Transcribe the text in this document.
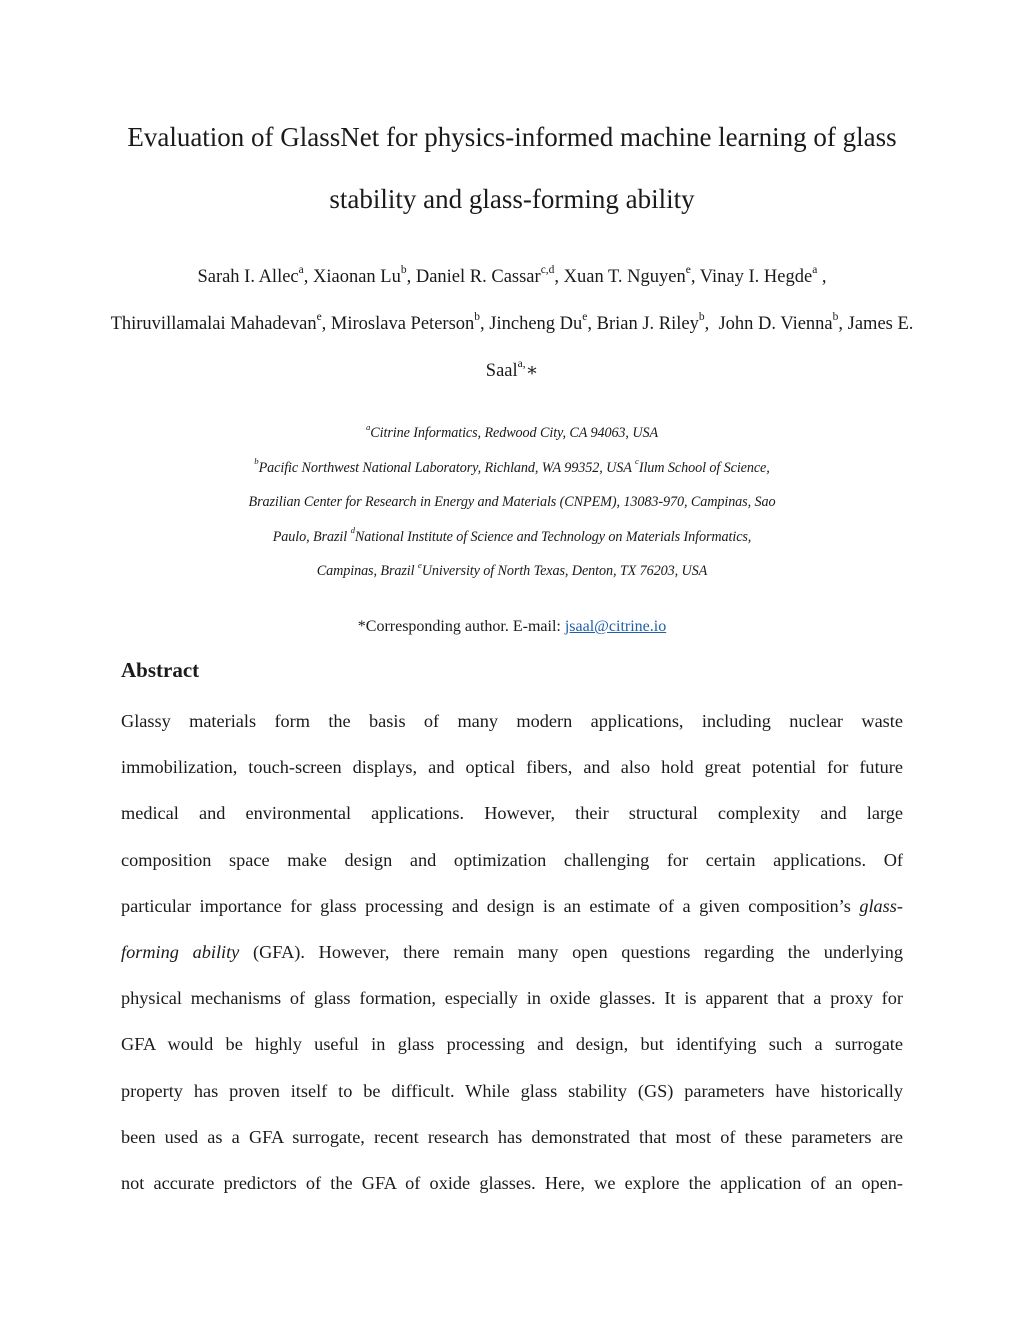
Evaluation of GlassNet for physics-informed machine learning of glass
stability and glass-forming ability
Sarah I. Allec$^a$, Xiaonan Lu$^b$, Daniel R. Cassar$^{c,d}$, Xuan T. Nguyen$^e$, Vinay I. Hegde$^a$ ,
Thiruvillamalai Mahadevan$^e$, Miroslava Peterson$^b$, Jincheng Du$^e$, Brian J. Riley$^b$,  John D. Vienna$^b$, James E. Saal$^{a,}$∗
$^a$Citrine Informatics, Redwood City, CA 94063, USA
$^b$Pacific Northwest National Laboratory, Richland, WA 99352, USA $^c$Ilum School of Science,
Brazilian Center for Research in Energy and Materials (CNPEM), 13083-970, Campinas, Sao
Paulo, Brazil $^d$National Institute of Science and Technology on Materials Informatics,
Campinas, Brazil $^e$University of North Texas, Denton, TX 76203, USA
*Corresponding author. E-mail: jsaal@citrine.io
Abstract
Glassy materials form the basis of many modern applications, including nuclear waste
immobilization, touch-screen displays, and optical fibers, and also hold great potential for future
medical and environmental applications. However, their structural complexity and large
composition space make design and optimization challenging for certain applications. Of
particular importance for glass processing and design is an estimate of a given composition’s glass-
forming ability (GFA). However, there remain many open questions regarding the underlying
physical mechanisms of glass formation, especially in oxide glasses. It is apparent that a proxy for
GFA would be highly useful in glass processing and design, but identifying such a surrogate
property has proven itself to be difficult. While glass stability (GS) parameters have historically
been used as a GFA surrogate, recent research has demonstrated that most of these parameters are
not accurate predictors of the GFA of oxide glasses. Here, we explore the application of an open-
